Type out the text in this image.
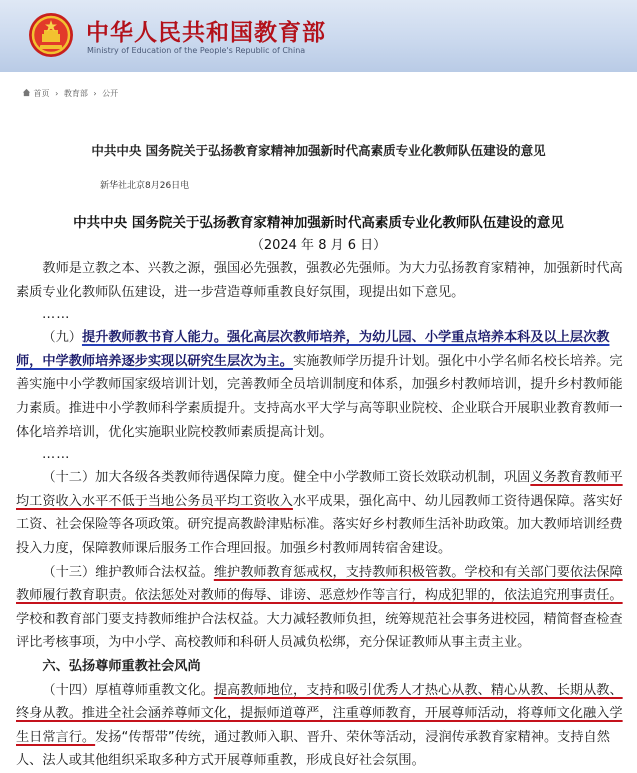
中华人民共和国教育部
Ministry of Education of the People's Republic of China
首页 › 教育部 › 公开
中共中央 国务院关于弘扬教育家精神加强新时代高素质专业化教师队伍建设的意见
新华社北京8月26日电
中共中央 国务院关于弘扬教育家精神加强新时代高素质专业化教师队伍建设的意见
（2024 年 8 月 6 日）

教师是立教之本、兴教之源，强国必先强教，强教必先强师。为大力弘扬教育家精神，加强新时代高素质专业化教师队伍建设，进一步营造尊师重教良好氛围，现提出如下意见。

……

（九）提升教师教书育人能力。强化高层次教师培养，为幼儿园、小学重点培养本科及以上层次教师，中学教师培养逐步实现以研究生层次为主。实施教师学历提升计划。强化中小学名师名校长培养。完善实施中小学教师国家级培训计划，完善教师全员培训制度和体系，加强乡村教师培训，提升乡村教师能力素质。推进中小学教师科学素质提升。支持高水平大学与高等职业院校、企业联合开展职业教育教师一体化培养培训，优化实施职业院校教师素质提高计划。

……

（十二）加大各级各类教师待遇保障力度。健全中小学教师工资长效联动机制，巩固义务教育教师平均工资收入水平不低于当地公务员平均工资收入水平成果，强化高中、幼儿园教师工资待遇保障。落实好工资、社会保险等各项政策。研究提高教龄津贴标准。落实好乡村教师生活补助政策。加大教师培训经费投入力度，保障教师课后服务工作合理回报。加强乡村教师周转宿舍建设。

（十三）维护教师合法权益。维护教师教育惩戒权，支持教师积极管教。学校和有关部门要依法保障教师履行教育职责。依法惩处对教师的侮辱、诽谤、恶意炒作等言行，构成犯罪的，依法追究刑事责任。学校和教育部门要支持教师维护合法权益。大力减轻教师负担，统筹规范社会事务进校园，精简督查检查评比考核事项，为中小学、高校教师和科研人员减负松绑，充分保证教师从事主责主业。

六、弘扬尊师重教社会风尚

（十四）厚植尊师重教文化。提高教师地位，支持和吸引优秀人才热心从教、精心从教、长期从教、终身从教。推进全社会涵养尊师文化，提振师道尊严，注重尊师教育，开展尊师活动，将尊师文化融入学生日常言行。发扬“传帮带”传统，通过教师入职、晋升、荣休等活动，浸润传承教育家精神。支持自然人、法人或其他组织采取多种方式开展尊师重教，形成良好社会氛围。
